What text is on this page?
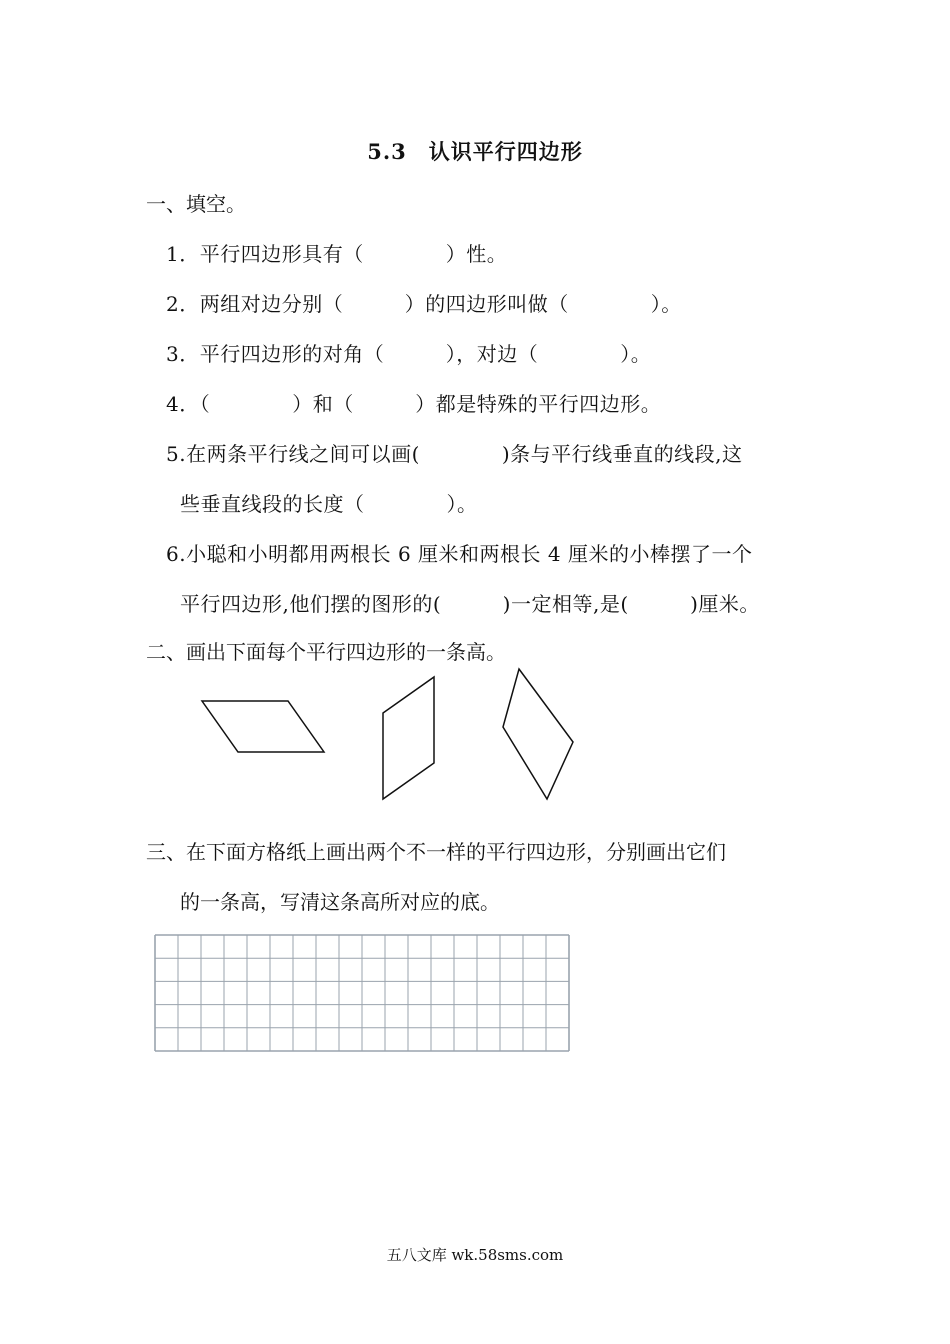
5.3　认识平行四边形
一、填空。
1．平行四边形具有（　　　　）性。
2．两组对边分别（　　　）的四边形叫做（　　　　）。
3．平行四边形的对角（　　　），对边（　　　　）。
4．（　　　　）和（　　　）都是特殊的平行四边形。
5.在两条平行线之间可以画(　　　　)条与平行线垂直的线段,这
些垂直线段的长度（　　　　）。
6.小聪和小明都用两根长 6 厘米和两根长 4 厘米的小棒摆了一个
平行四边形,他们摆的图形的(　　　)一定相等,是(　　　)厘米。
二、画出下面每个平行四边形的一条高。
三、在下面方格纸上画出两个不一样的平行四边形，分别画出它们
的一条高，写清这条高所对应的底。
五八文库 wk.58sms.com
